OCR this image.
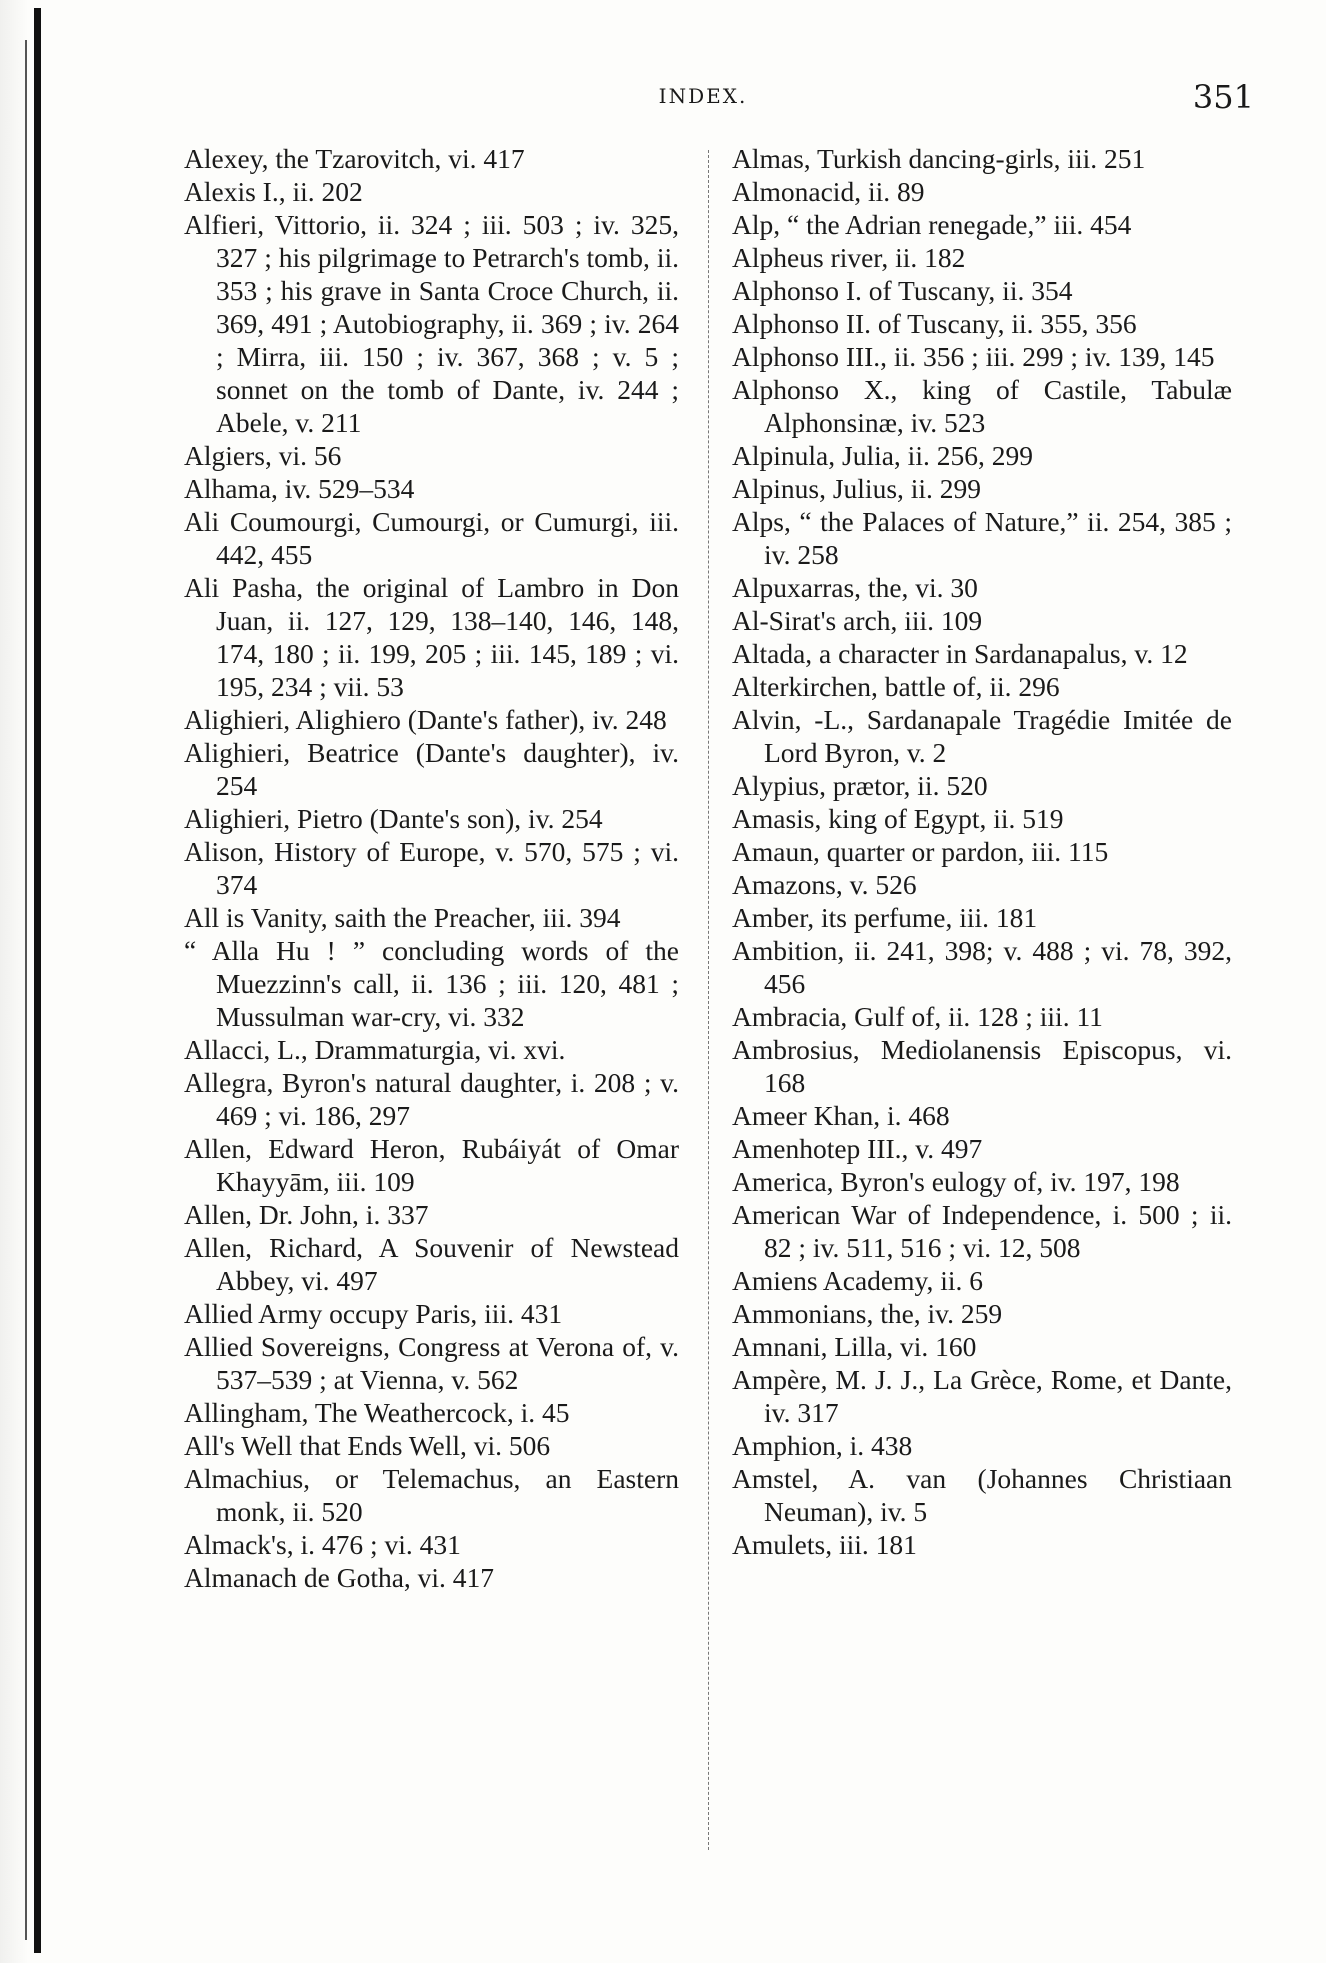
INDEX.	351

Alexey, the Tzarovitch, vi. 417

Alexis I., ii. 202

Alfieri, Vittorio, ii. 324 ; iii. 503 ; iv. 325, 327 ; his pilgrimage to Petrarch's tomb, ii. 353 ; his grave in Santa Croce Church, ii. 369, 491 ; Autobiography, ii. 369 ; iv. 264 ; Mirra, iii. 150 ; iv. 367, 368 ; v. 5 ; sonnet on the tomb of Dante, iv. 244 ; Abele, v. 211

Algiers, vi. 56

Alhama, iv. 529–534

Ali Coumourgi, Cumourgi, or Cumurgi, iii. 442, 455

Ali Pasha, the original of Lambro in Don Juan, ii. 127, 129, 138–140, 146, 148, 174, 180 ; ii. 199, 205 ; iii. 145, 189 ; vi. 195, 234 ; vii. 53

Alighieri, Alighiero (Dante's father), iv. 248

Alighieri, Beatrice (Dante's daughter), iv. 254

Alighieri, Pietro (Dante's son), iv. 254

Alison, History of Europe, v. 570, 575 ; vi. 374

All is Vanity, saith the Preacher, iii. 394

“ Alla Hu ! ” concluding words of the Muezzinn's call, ii. 136 ; iii. 120, 481 ; Mussulman war-cry, vi. 332

Allacci, L., Drammaturgia, vi. xvi.

Allegra, Byron's natural daughter, i. 208 ; v. 469 ; vi. 186, 297

Allen, Edward Heron, Rubáiyát of Omar Khayyām, iii. 109

Allen, Dr. John, i. 337

Allen, Richard, A Souvenir of Newstead Abbey, vi. 497

Allied Army occupy Paris, iii. 431

Allied Sovereigns, Congress at Verona of, v. 537–539 ; at Vienna, v. 562

Allingham, The Weathercock, i. 45

All's Well that Ends Well, vi. 506

Almachius, or Telemachus, an Eastern monk, ii. 520

Almack's, i. 476 ; vi. 431

Almanach de Gotha, vi. 417

Almas, Turkish dancing-girls, iii. 251

Almonacid, ii. 89

Alp, “ the Adrian renegade,” iii. 454

Alpheus river, ii. 182

Alphonso I. of Tuscany, ii. 354

Alphonso II. of Tuscany, ii. 355, 356

Alphonso III., ii. 356 ; iii. 299 ; iv. 139, 145

Alphonso X., king of Castile, Tabulæ Alphonsinæ, iv. 523

Alpinula, Julia, ii. 256, 299

Alpinus, Julius, ii. 299

Alps, “ the Palaces of Nature,” ii. 254, 385 ; iv. 258

Alpuxarras, the, vi. 30

Al-Sirat's arch, iii. 109

Altada, a character in Sardanapalus, v. 12

Alterkirchen, battle of, ii. 296

Alvin, -L., Sardanapale Tragédie Imitée de Lord Byron, v. 2

Alypius, prætor, ii. 520

Amasis, king of Egypt, ii. 519

Amaun, quarter or pardon, iii. 115

Amazons, v. 526

Amber, its perfume, iii. 181

Ambition, ii. 241, 398; v. 488 ; vi. 78, 392, 456

Ambracia, Gulf of, ii. 128 ; iii. 11

Ambrosius, Mediolanensis Episcopus, vi. 168

Ameer Khan, i. 468

Amenhotep III., v. 497

America, Byron's eulogy of, iv. 197, 198

American War of Independence, i. 500 ; ii. 82 ; iv. 511, 516 ; vi. 12, 508

Amiens Academy, ii. 6

Ammonians, the, iv. 259

Amnani, Lilla, vi. 160

Ampère, M. J. J., La Grèce, Rome, et Dante, iv. 317

Amphion, i. 438

Amstel, A. van (Johannes Christiaan Neuman), iv. 5

Amulets, iii. 181
